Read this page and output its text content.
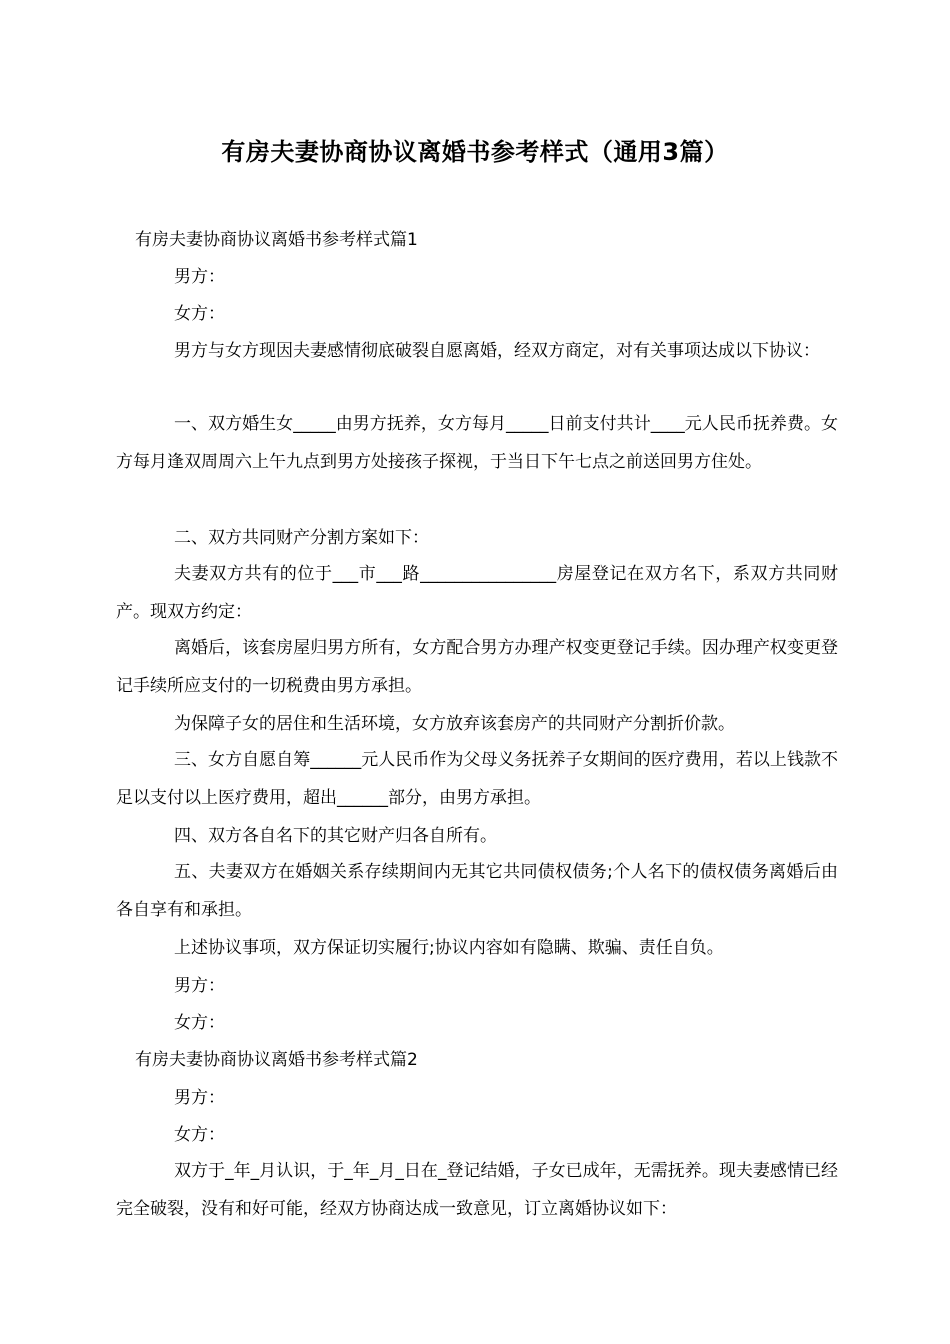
有房夫妻协商协议离婚书参考样式（通用3篇）
有房夫妻协商协议离婚书参考样式篇1
男方：
女方：
男方与女方现因夫妻感情彻底破裂自愿离婚，经双方商定，对有关事项达成以下协议：
一、双方婚生女_____由男方抚养，女方每月_____日前支付共计____元人民币抚养费。女方每月逢双周周六上午九点到男方处接孩子探视，于当日下午七点之前送回男方住处。
二、双方共同财产分割方案如下：
夫妻双方共有的位于___市___路________________房屋登记在双方名下，系双方共同财产。现双方约定：
离婚后，该套房屋归男方所有，女方配合男方办理产权变更登记手续。因办理产权变更登记手续所应支付的一切税费由男方承担。
为保障子女的居住和生活环境，女方放弃该套房产的共同财产分割折价款。
三、女方自愿自筹______元人民币作为父母义务抚养子女期间的医疗费用，若以上钱款不足以支付以上医疗费用，超出______部分，由男方承担。
四、双方各自名下的其它财产归各自所有。
五、夫妻双方在婚姻关系存续期间内无其它共同债权债务;个人名下的债权债务离婚后由各自享有和承担。
上述协议事项，双方保证切实履行;协议内容如有隐瞒、欺骗、责任自负。
男方：
女方：
有房夫妻协商协议离婚书参考样式篇2
男方：
女方：
双方于_年_月认识，于_年_月_日在_登记结婚，子女已成年，无需抚养。现夫妻感情已经完全破裂，没有和好可能，经双方协商达成一致意见，订立离婚协议如下：
